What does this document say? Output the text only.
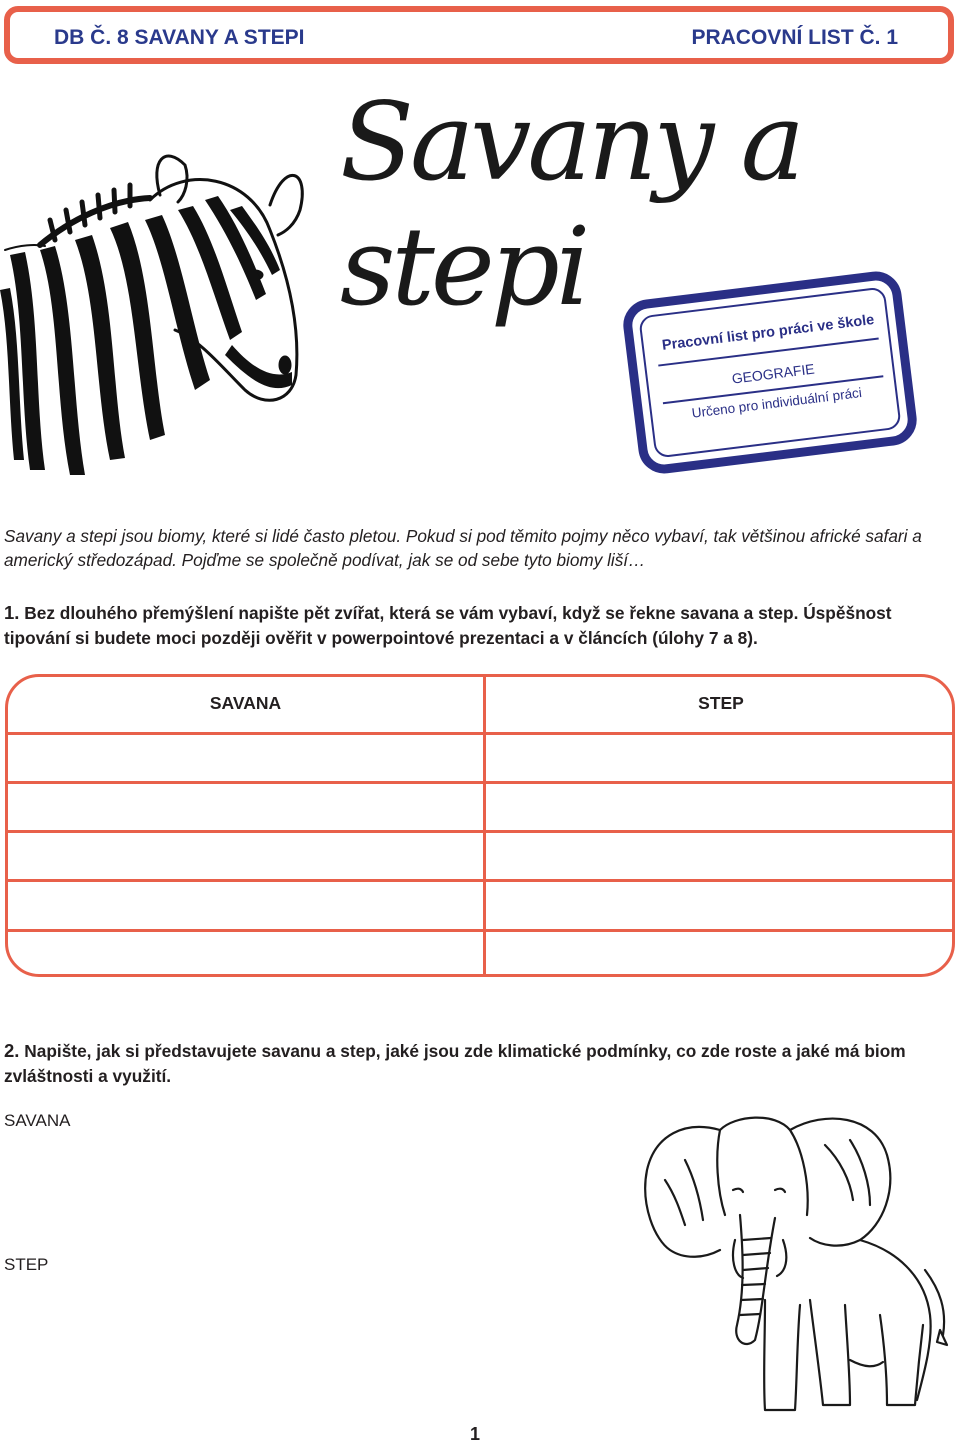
DB Č. 8 SAVANY A STEPI	PRACOVNÍ LIST Č. 1
Savany a stepi
Pracovní list pro práci ve škole
GEOGRAFIE
Určeno pro individuální práci
Savany a stepi jsou biomy, které si lidé často pletou. Pokud si pod těmito pojmy něco vybaví, tak většinou africké safari a americký středozápad. Pojďme se společně podívat, jak se od sebe tyto biomy liší…
1. Bez dlouhého přemýšlení napište pět zvířat, která se vám vybaví, když se řekne savana a step. Úspěšnost tipování si budete moci později ověřit v powerpointové prezentaci a v článcích (úlohy 7 a 8).
SAVANA	STEP
2. Napište, jak si představujete savanu a step, jaké jsou zde klimatické podmínky, co zde roste a jaké má biom zvláštnosti a využití.
SAVANA
STEP
1
